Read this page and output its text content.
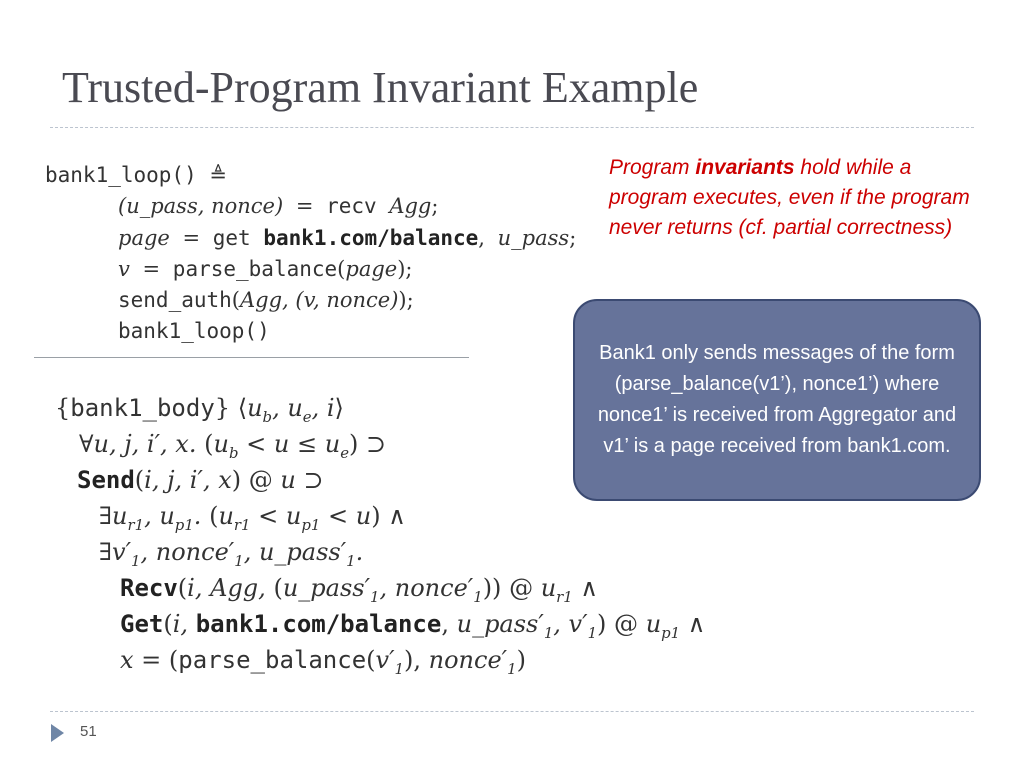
Trusted-Program Invariant Example
bank1_loop() ≜
(u_pass, nonce) = recv Agg;
page = get bank1.com/balance, u_pass;
v = parse_balance(page);
send_auth(Agg, (v, nonce));
bank1_loop()
{bank1_body} $⟨u_b$, $u_e$, i⟩
∀u, j, i′, x. $(u_b < u \le u_e)$ ⊃
Send(i, j, i′, x) @ u ⊃
$\exists u_{r1}$, $u_{p1}$. $(u_{r1} < u_{p1} < u)$ ∧
$\exists v'_1$, $nonce'_1$, $u\_pass'_1$.
Recv(i, Agg, ($u\_pass'_1$, $nonce'_1$)) @ $u_{r1}$ ∧
Get(i, bank1.com/balance, $u\_pass'_1$, $v'_1$) @ $u_{p1}$ ∧
$x = (parse\_balance(v'_1)$, $nonce'_1$)
Program invariants hold while a program executes, even if the program never returns (cf. partial correctness)

Bank1 only sends messages of the form (parse_balance(v1’), nonce1’) where nonce1’ is received from Aggregator and v1’ is a page received from bank1.com.

51
